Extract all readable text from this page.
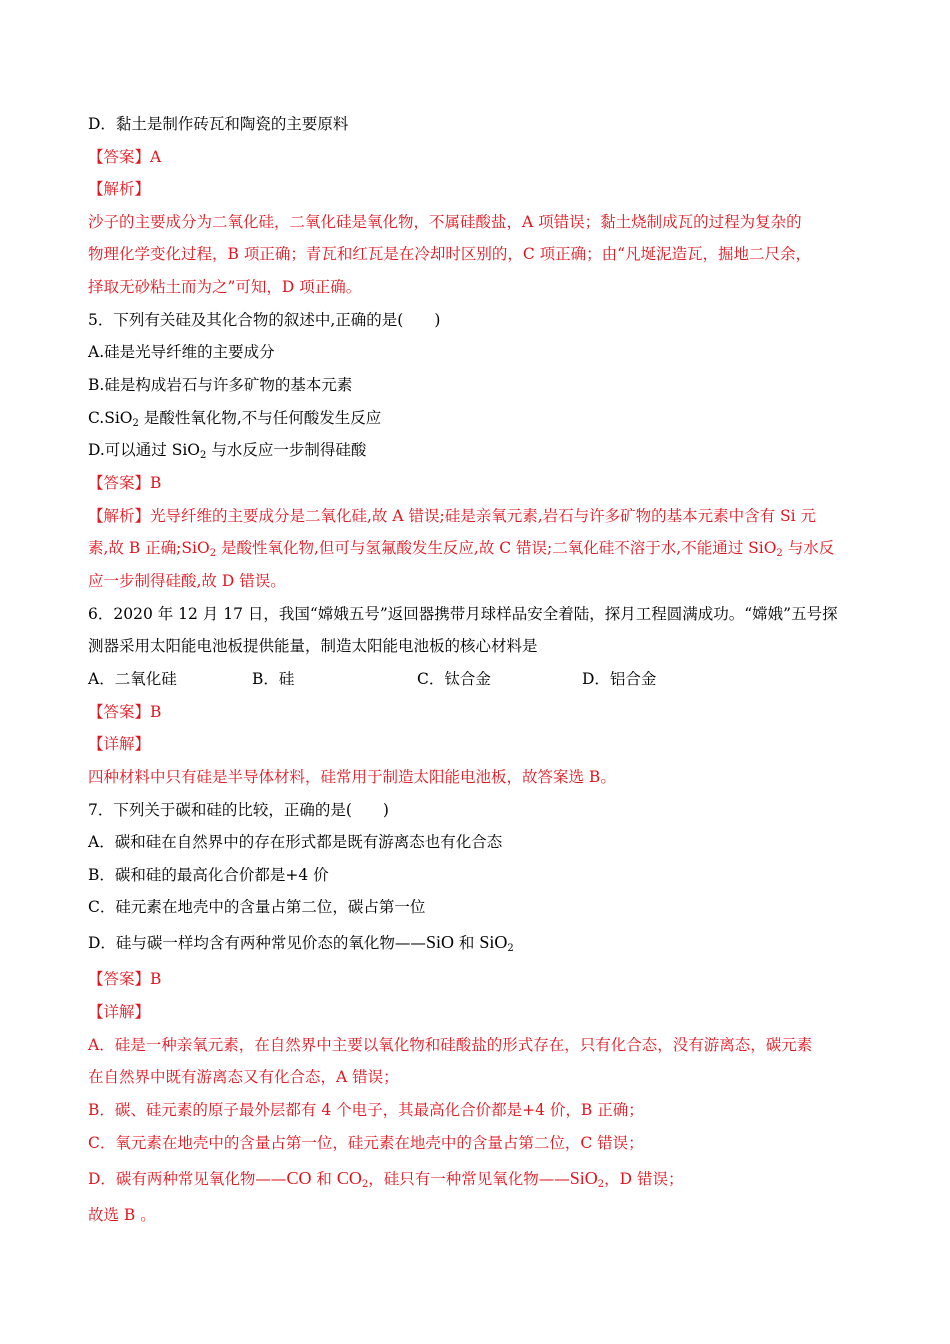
D．黏土是制作砖瓦和陶瓷的主要原料
【答案】A
【解析】
沙子的主要成分为二氧化硅，二氧化硅是氧化物，不属硅酸盐，A 项错误；黏土烧制成瓦的过程为复杂的
物理化学变化过程，B 项正确；青瓦和红瓦是在冷却时区别的，C 项正确；由“凡埏泥造瓦，掘地二尺余，
择取无砂粘土而为之”可知，D 项正确。
5．下列有关硅及其化合物的叙述中,正确的是(　　)
A.硅是光导纤维的主要成分
B.硅是构成岩石与许多矿物的基本元素
C.SiO$_2$ 是酸性氧化物,不与任何酸发生反应
D.可以通过 SiO$_2$ 与水反应一步制得硅酸
【答案】B
【解析】光导纤维的主要成分是二氧化硅,故 A 错误;硅是亲氧元素,岩石与许多矿物的基本元素中含有 Si 元
素,故 B 正确;SiO$_2$ 是酸性氧化物,但可与氢氟酸发生反应,故 C 错误;二氧化硅不溶于水,不能通过 SiO$_2$ 与水反
应一步制得硅酸,故 D 错误。
6．2020 年 12 月 17 日，我国“嫦娥五号”返回器携带月球样品安全着陆，探月工程圆满成功。“嫦娥”五号探
测器采用太阳能电池板提供能量，制造太阳能电池板的核心材料是
A．二氧化硅	B．硅	C．钛合金	D．铝合金
【答案】B
【详解】
四种材料中只有硅是半导体材料，硅常用于制造太阳能电池板，故答案选 B。
7．下列关于碳和硅的比较，正确的是(　　)
A．碳和硅在自然界中的存在形式都是既有游离态也有化合态
B．碳和硅的最高化合价都是+4 价
C．硅元素在地壳中的含量占第二位，碳占第一位
D．硅与碳一样均含有两种常见价态的氧化物——SiO 和 SiO$_2$
【答案】B
【详解】
A．硅是一种亲氧元素，在自然界中主要以氧化物和硅酸盐的形式存在，只有化合态，没有游离态，碳元素
在自然界中既有游离态又有化合态，A 错误；
B．碳、硅元素的原子最外层都有 4 个电子，其最高化合价都是+4 价，B 正确；
C．氧元素在地壳中的含量占第一位，硅元素在地壳中的含量占第二位，C 错误；
D．碳有两种常见氧化物——CO 和 $CO_2$，硅只有一种常见氧化物——SiO$_2$，D 错误；
故选 B 。
